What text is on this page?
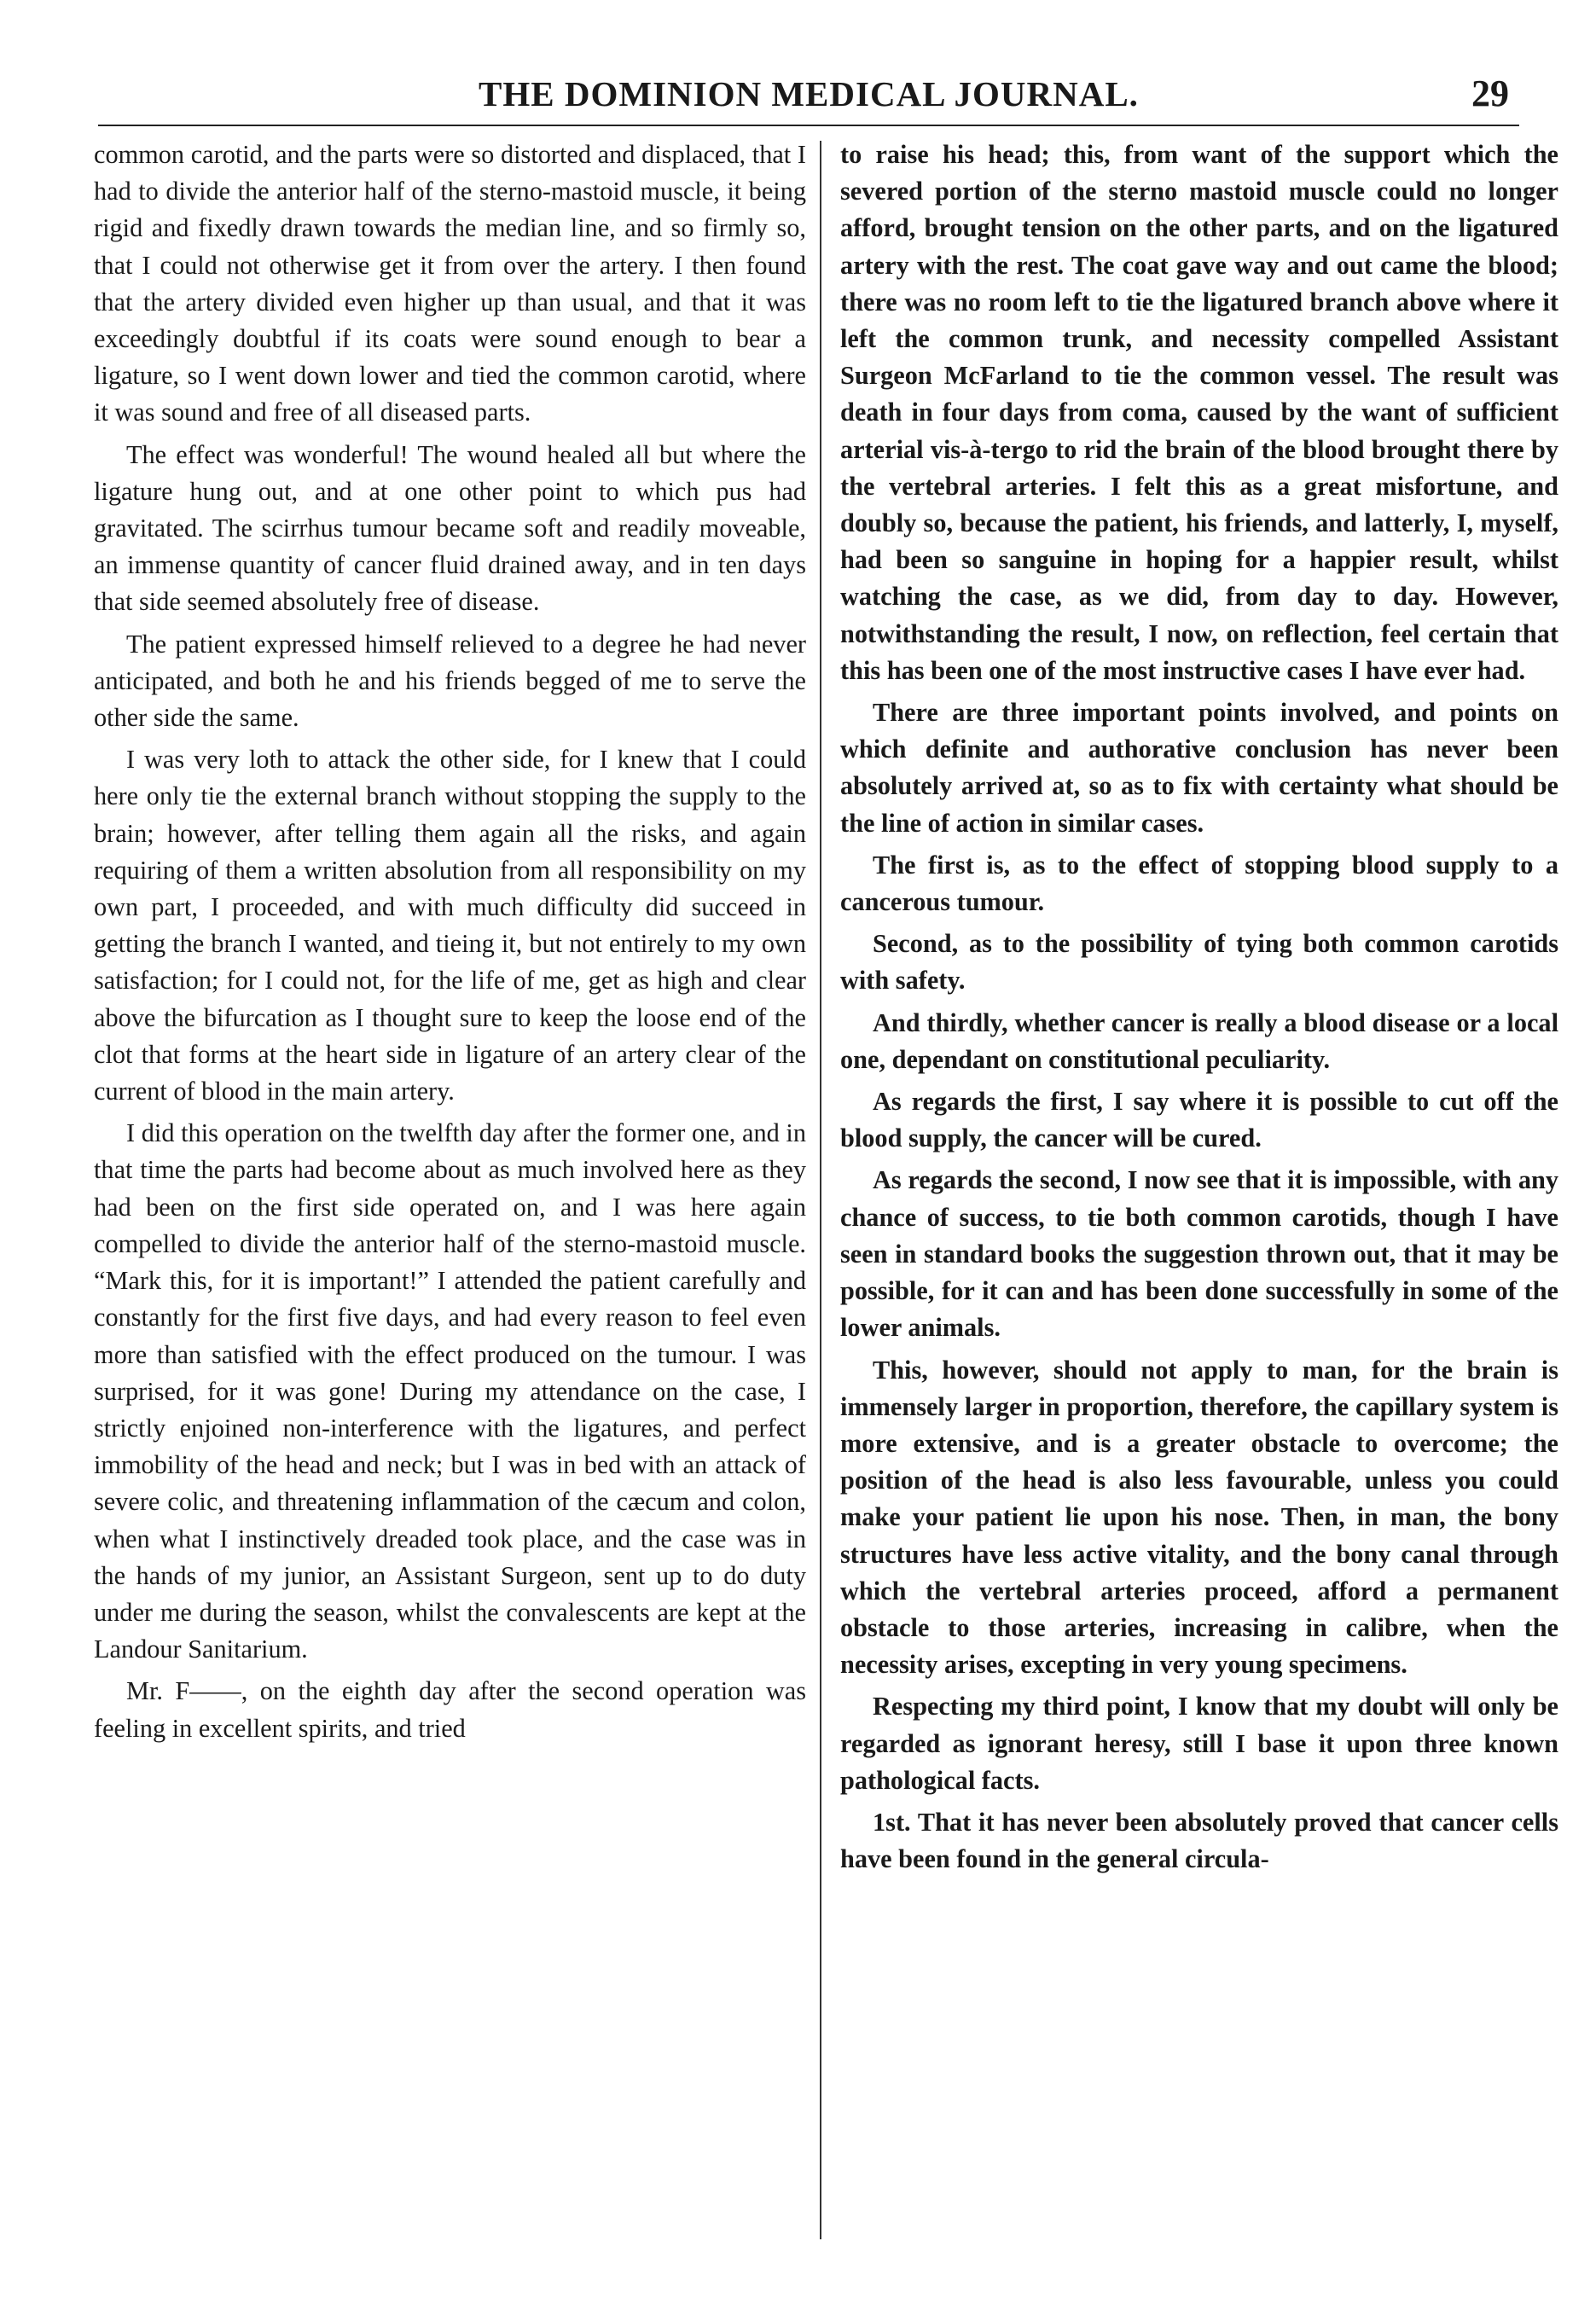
THE DOMINION MEDICAL JOURNAL.	29

common carotid, and the parts were so distorted and displaced, that I had to divide the anterior half of the sterno-mastoid muscle, it being rigid and fixedly drawn towards the median line, and so firmly so, that I could not otherwise get it from over the artery. I then found that the artery divided even higher up than usual, and that it was exceedingly doubtful if its coats were sound enough to bear a ligature, so I went down lower and tied the common carotid, where it was sound and free of all diseased parts.

The effect was wonderful! The wound healed all but where the ligature hung out, and at one other point to which pus had gravitated. The scirrhus tumour became soft and readily moveable, an immense quantity of cancer fluid drained away, and in ten days that side seemed absolutely free of disease.

The patient expressed himself relieved to a degree he had never anticipated, and both he and his friends begged of me to serve the other side the same.

I was very loth to attack the other side, for I knew that I could here only tie the external branch without stopping the supply to the brain; however, after telling them again all the risks, and again requiring of them a written absolution from all responsibility on my own part, I proceeded, and with much difficulty did succeed in getting the branch I wanted, and tieing it, but not entirely to my own satisfaction; for I could not, for the life of me, get as high and clear above the bifurcation as I thought sure to keep the loose end of the clot that forms at the heart side in ligature of an artery clear of the current of blood in the main artery.

I did this operation on the twelfth day after the former one, and in that time the parts had become about as much involved here as they had been on the first side operated on, and I was here again compelled to divide the anterior half of the sterno-mastoid muscle. “Mark this, for it is important!” I attended the patient carefully and constantly for the first five days, and had every reason to feel even more than satisfied with the effect produced on the tumour. I was surprised, for it was gone! During my attendance on the case, I strictly enjoined non-interference with the ligatures, and perfect immobility of the head and neck; but I was in bed with an attack of severe colic, and threatening inflammation of the cæcum and colon, when what I instinctively dreaded took place, and the case was in the hands of my junior, an Assistant Surgeon, sent up to do duty under me during the season, whilst the convalescents are kept at the Landour Sanitarium.

Mr. F——, on the eighth day after the second operation was feeling in excellent spirits, and tried

to raise his head; this, from want of the support which the severed portion of the sterno mastoid muscle could no longer afford, brought tension on the other parts, and on the ligatured artery with the rest. The coat gave way and out came the blood; there was no room left to tie the ligatured branch above where it left the common trunk, and necessity compelled Assistant Surgeon McFarland to tie the common vessel. The result was death in four days from coma, caused by the want of sufficient arterial vis-à-tergo to rid the brain of the blood brought there by the vertebral arteries. I felt this as a great misfortune, and doubly so, because the patient, his friends, and latterly, I, myself, had been so sanguine in hoping for a happier result, whilst watching the case, as we did, from day to day. However, notwithstanding the result, I now, on reflection, feel certain that this has been one of the most instructive cases I have ever had.

There are three important points involved, and points on which definite and authorative conclusion has never been absolutely arrived at, so as to fix with certainty what should be the line of action in similar cases.

The first is, as to the effect of stopping blood supply to a cancerous tumour.

Second, as to the possibility of tying both common carotids with safety.

And thirdly, whether cancer is really a blood disease or a local one, dependant on constitutional peculiarity.

As regards the first, I say where it is possible to cut off the blood supply, the cancer will be cured.

As regards the second, I now see that it is impossible, with any chance of success, to tie both common carotids, though I have seen in standard books the suggestion thrown out, that it may be possible, for it can and has been done successfully in some of the lower animals.

This, however, should not apply to man, for the brain is immensely larger in proportion, therefore, the capillary system is more extensive, and is a greater obstacle to overcome; the position of the head is also less favourable, unless you could make your patient lie upon his nose. Then, in man, the bony structures have less active vitality, and the bony canal through which the vertebral arteries proceed, afford a permanent obstacle to those arteries, increasing in calibre, when the necessity arises, excepting in very young specimens.

Respecting my third point, I know that my doubt will only be regarded as ignorant heresy, still I base it upon three known pathological facts.

1st. That it has never been absolutely proved that cancer cells have been found in the general circula-
